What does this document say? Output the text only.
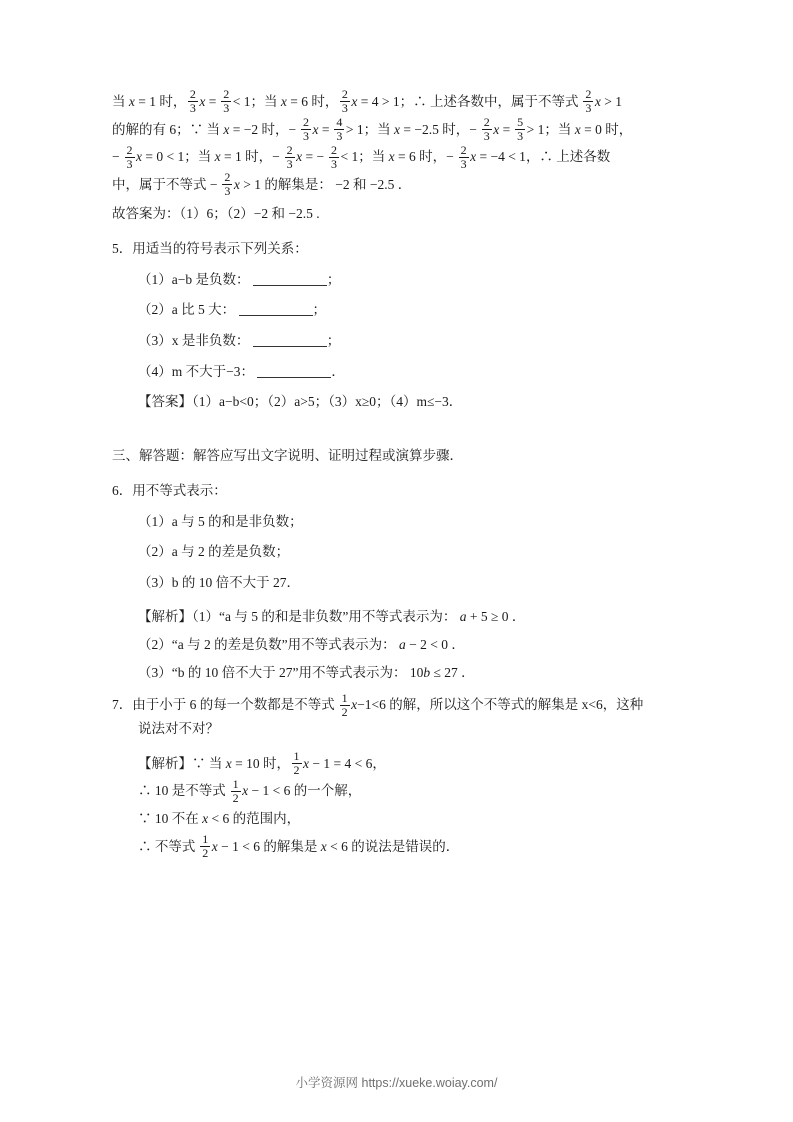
当 x = 1 时， $\frac{2}{3}$ $x = \frac{2}{3} < 1$；当 x = 6 时， $\frac{2}{3}$ x = 4 > 1；∴ 上述各数中，属于不等式 $\frac{2}{3}$ x > 1
的解的有 6；∵ 当 x = −2 时，− $\frac{2}{3}$ $x = \frac{4}{3} > 1$；当 x = −2.5 时，− $\frac{2}{3}$ $x = \frac{5}{3} > 1$；当 x = 0 时，
− $\frac{2}{3}$ x = 0 < 1；当 x = 1 时，− $\frac{2}{3}$ x = − $\frac{2}{3} < 1$；当 x = 6 时，− $\frac{2}{3}$ x = −4 < 1，∴ 上述各数
中，属于不等式 − $\frac{2}{3}$ x > 1 的解集是： −2 和 −2.5 ．
故答案为：（1）6；（2）−2 和 −2.5 .
5．用适当的符号表示下列关系：
（1）a−b 是负数：	；
（2）a 比 5 大：	；
（3）x 是非负数：	；
（4）m 不大于−3：	．
【答案】（1）a−b<0；（2）a>5；（3）x≥0；（4）m≤−3．
三、解答题：解答应写出文字说明、证明过程或演算步骤．
6．用不等式表示：
（1）a 与 5 的和是非负数；
（2）a 与 2 的差是负数；
（3）b 的 10 倍不大于 27．
【解析】（1）“a 与 5 的和是非负数”用不等式表示为： a + 5 ≥ 0 ．
（2）“a 与 2 的差是负数”用不等式表示为： a − 2 < 0 ．
（3）“b 的 10 倍不大于 27”用不等式表示为： 10b ≤ 27 ．
7．由于小于 6 的每一个数都是不等式 $\frac{1}{2} x-1<6$ 的解，所以这个不等式的解集是 x<6，这种
说法对不对？
【解析】∵ 当 x = 10 时， $\frac{1}{2}$ x − 1 = 4 < 6，
∴ 10 是不等式 $\frac{1}{2}$ x − 1 < 6 的一个解，
∵ 10 不在 x < 6 的范围内，
∴ 不等式 $\frac{1}{2}$ x − 1 < 6 的解集是 x < 6 的说法是错误的．
小学资源网 https://xueke.woiay.com/
